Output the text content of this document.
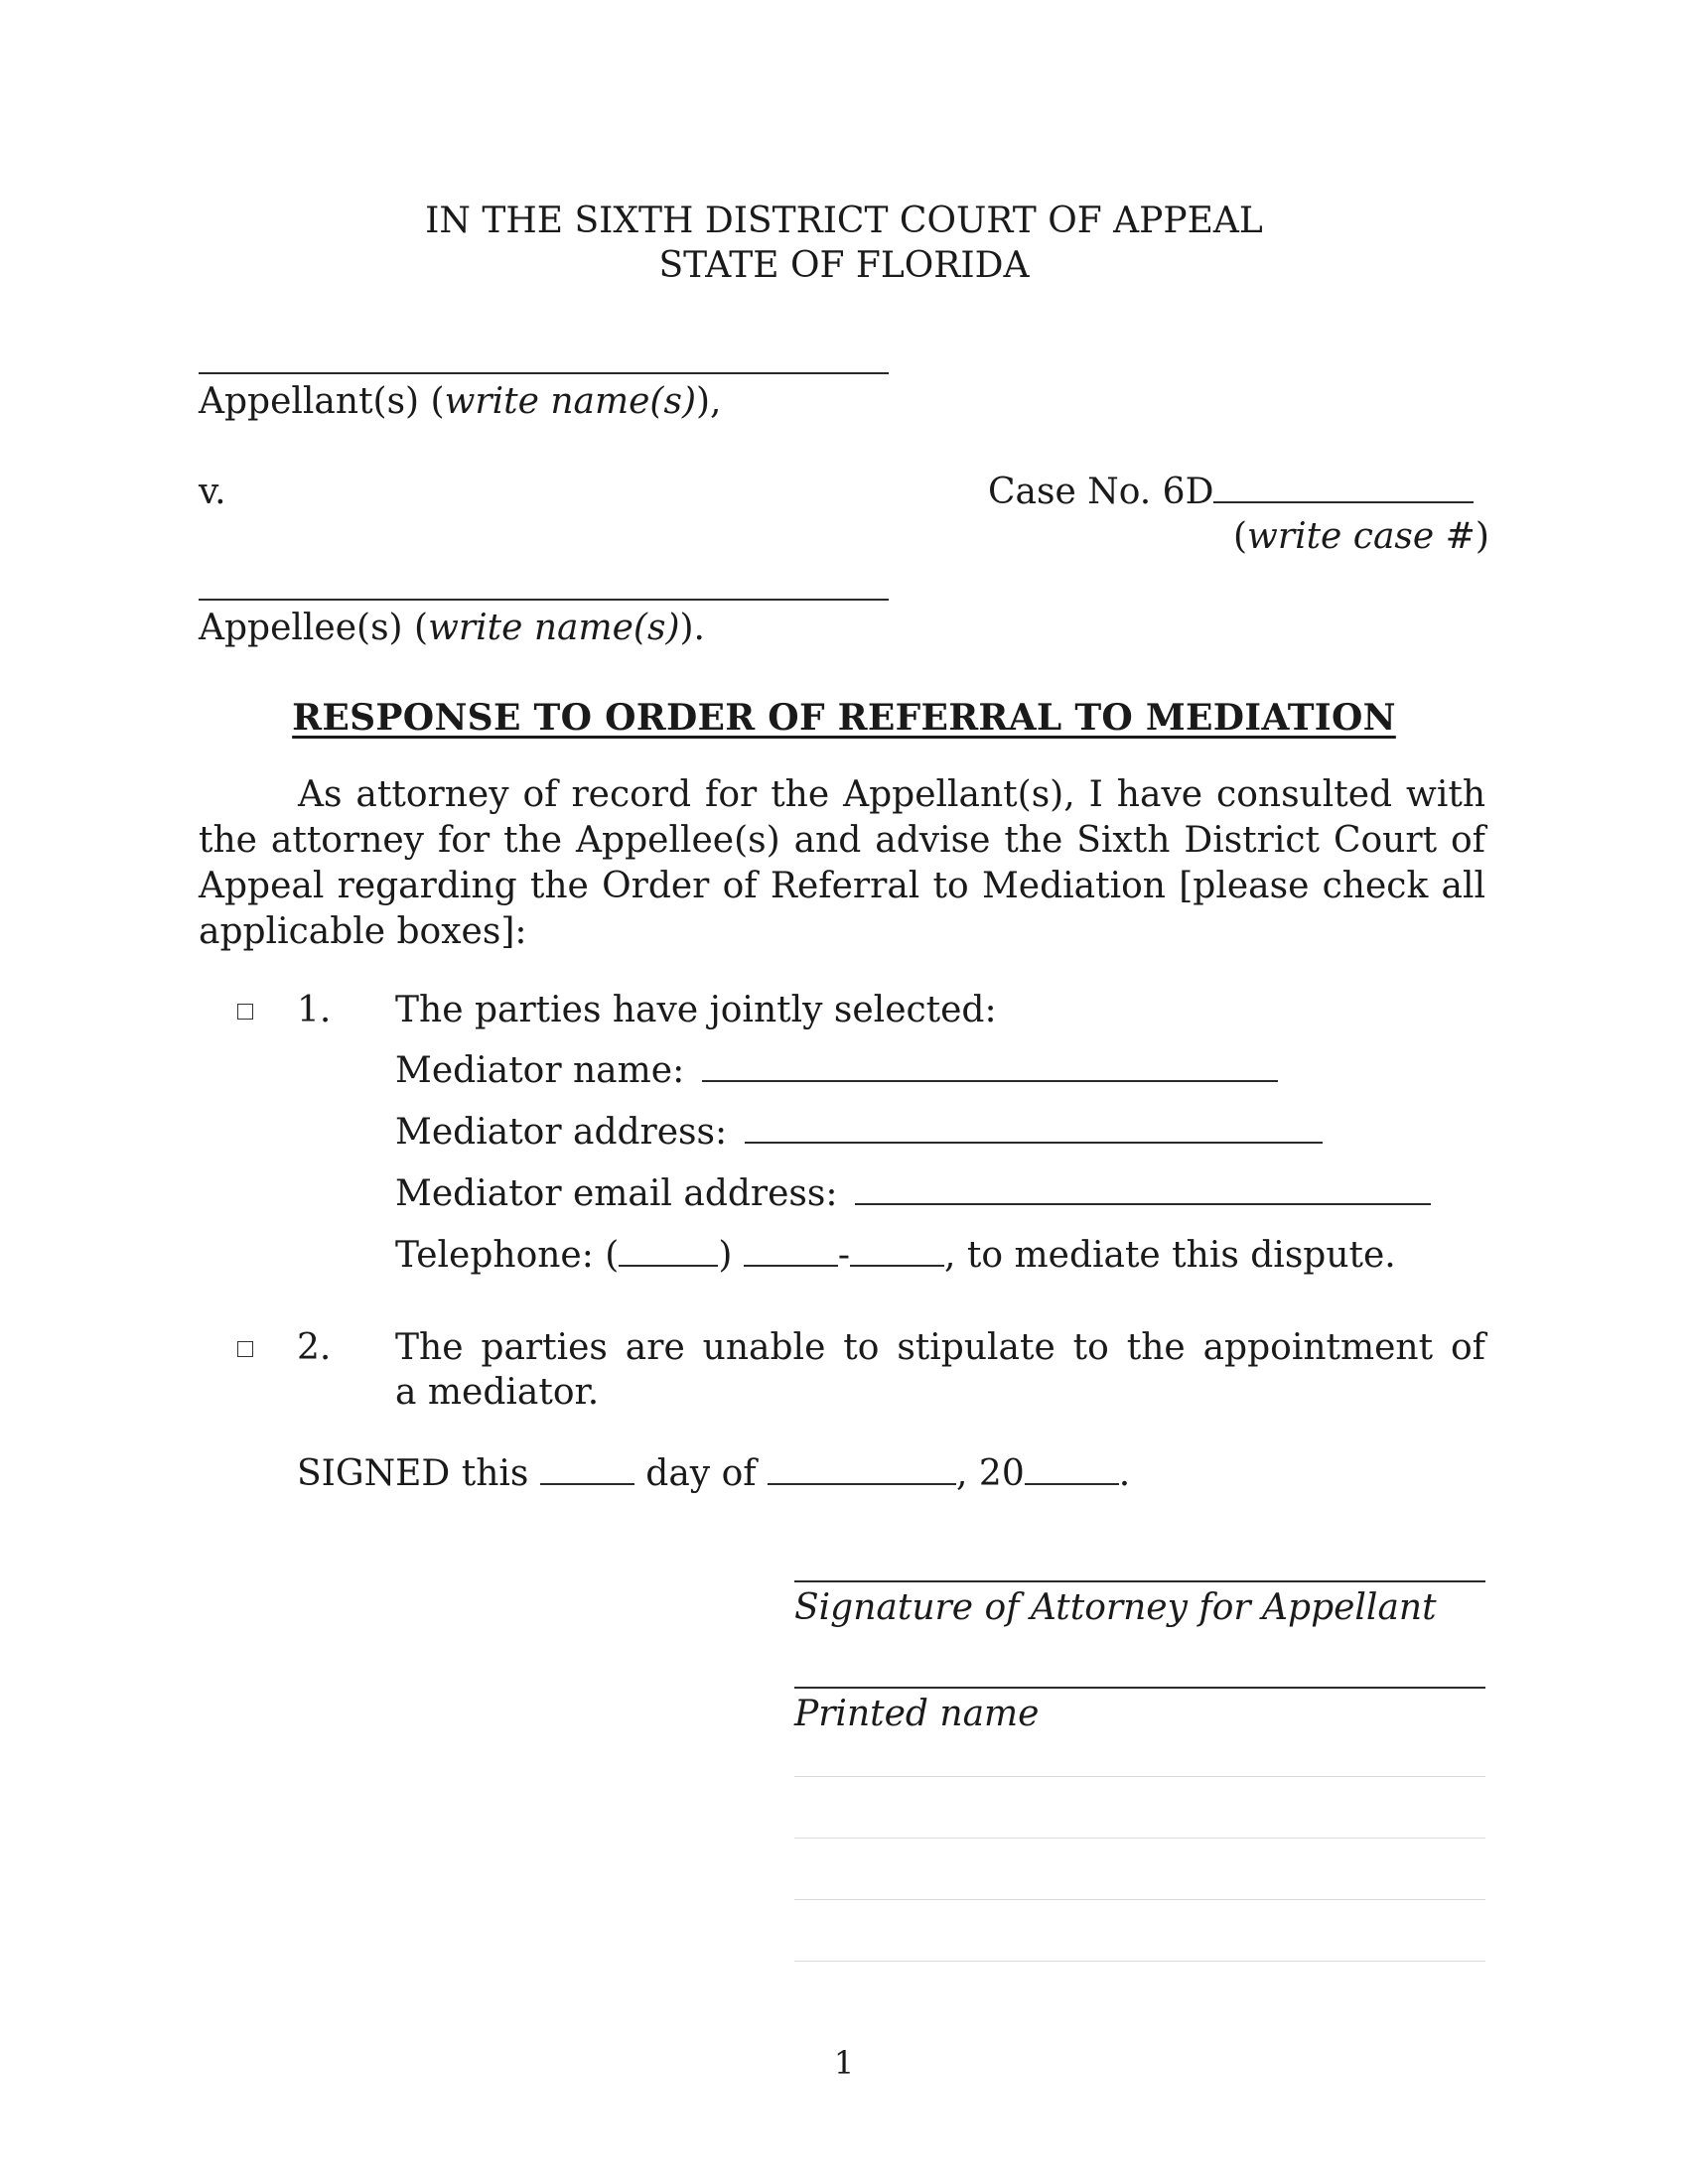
IN THE SIXTH DISTRICT COURT OF APPEAL
STATE OF FLORIDA
Appellant(s) (write name(s)),
v.	Case No. 6D
(write case #)
Appellee(s) (write name(s)).
RESPONSE TO ORDER OF REFERRAL TO MEDIATION
As attorney of record for the Appellant(s), I have consulted with the attorney for the Appellee(s) and advise the Sixth District Court of Appeal regarding the Order of Referral to Mediation [please check all applicable boxes]:
1. The parties have jointly selected:
Mediator name:
Mediator address:
Mediator email address:
Telephone: (	)	-	, to mediate this dispute.
2. The parties are unable to stipulate to the appointment of
a mediator.
SIGNED this	day of	, 20	.
Signature of Attorney for Appellant
Printed name
1
